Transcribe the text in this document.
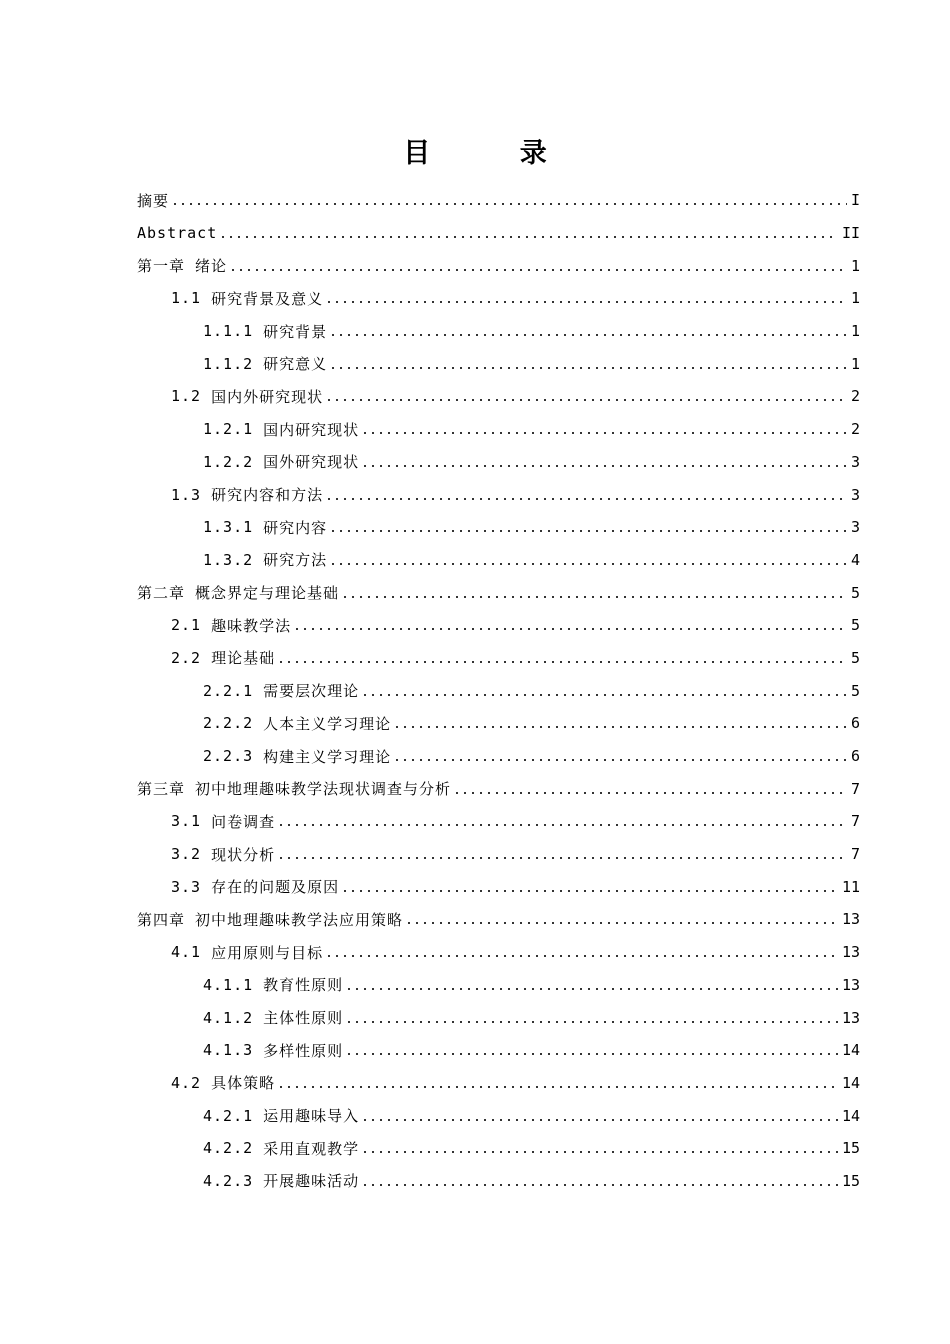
目 录
摘要	I
Abstract	II
第一章 绪论	1
1.1 研究背景及意义	1
1.1.1 研究背景	1
1.1.2 研究意义	1
1.2 国内外研究现状	2
1.2.1 国内研究现状	2
1.2.2 国外研究现状	3
1.3 研究内容和方法	3
1.3.1 研究内容	3
1.3.2 研究方法	4
第二章 概念界定与理论基础	5
2.1 趣味教学法	5
2.2 理论基础	5
2.2.1 需要层次理论	5
2.2.2 人本主义学习理论	6
2.2.3 构建主义学习理论	6
第三章 初中地理趣味教学法现状调查与分析	7
3.1 问卷调查	7
3.2 现状分析	7
3.3 存在的问题及原因	11
第四章 初中地理趣味教学法应用策略	13
4.1 应用原则与目标	13
4.1.1 教育性原则	13
4.1.2 主体性原则	13
4.1.3 多样性原则	14
4.2 具体策略	14
4.2.1 运用趣味导入	14
4.2.2 采用直观教学	15
4.2.3 开展趣味活动	15
